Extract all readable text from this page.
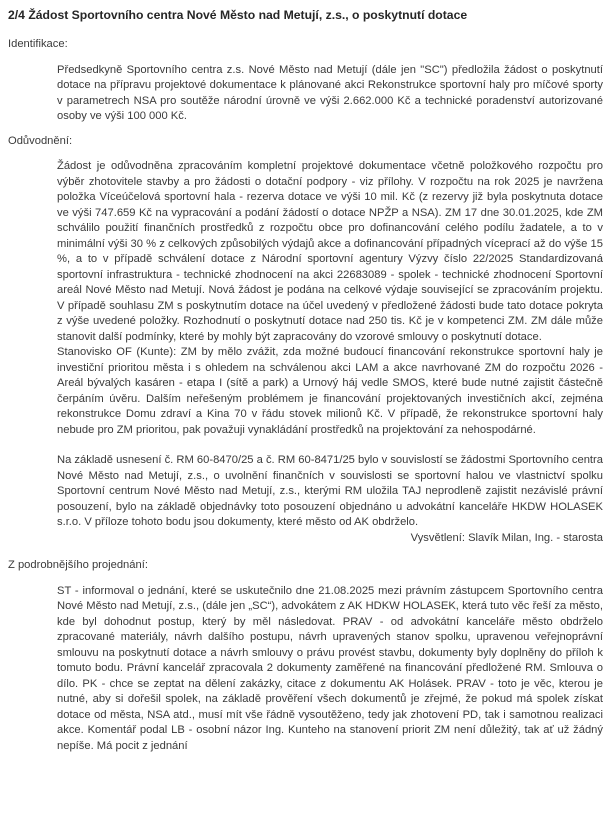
2/4 Žádost Sportovního centra Nové Město nad Metují, z.s., o poskytnutí dotace
Identifikace:

Předsedkyně Sportovního centra z.s. Nové Město nad Metují (dále jen "SC") předložila žádost o poskytnutí dotace na přípravu projektové dokumentace k plánované akci Rekonstrukce sportovní haly pro míčové sporty v parametrech NSA pro soutěže národní úrovně ve výši 2.662.000 Kč a technické poradenství autorizované osoby ve výši 100 000 Kč.

Odůvodnění:

Žádost je odůvodněna zpracováním kompletní projektové dokumentace včetně položkového rozpočtu pro výběr zhotovitele stavby a pro žádosti o dotační podpory - viz přílohy. V rozpočtu na rok 2025 je navržena položka Víceúčelová sportovní hala - rezerva dotace ve výši 10 mil. Kč (z rezervy již byla poskytnuta dotace ve výši 747.659 Kč na vypracování a podání žádostí o dotace NPŽP a NSA). ZM 17 dne 30.01.2025, kde ZM schválilo použití finančních prostředků z rozpočtu obce pro dofinancování celého podílu žadatele, a to v minimální výši 30 % z celkových způsobilých výdajů akce a dofinancování případných víceprací až do výše 15 %, a to v případě schválení dotace z Národní sportovní agentury Výzvy číslo 22/2025 Standardizovaná sportovní infrastruktura - technické zhodnocení na akci 22683089 - spolek - technické zhodnocení Sportovní areál Nové Město nad Metují. Nová žádost je podána na celkové výdaje související se zpracováním projektu. V případě souhlasu ZM s poskytnutím dotace na účel uvedený v předložené žádosti bude tato dotace pokryta z výše uvedené položky. Rozhodnutí o poskytnutí dotace nad 250 tis. Kč je v kompetenci ZM. ZM dále může stanovit další podmínky, které by mohly být zapracovány do vzorové smlouvy o poskytnutí dotace.

Stanovisko OF (Kunte): ZM by mělo zvážit, zda možné budoucí financování rekonstrukce sportovní haly je investiční prioritou města i s ohledem na schválenou akci LAM a akce navrhované ZM do rozpočtu 2026 - Areál bývalých kasáren - etapa I (sítě a park) a Urnový háj vedle SMOS, které bude nutné zajistit částečně čerpáním úvěru. Dalším neřešeným problémem je financování projektovaných investičních akcí, zejména rekonstrukce Domu zdraví a Kina 70 v řádu stovek milionů Kč. V případě, že rekonstrukce sportovní haly nebude pro ZM prioritou, pak považuji vynakládání prostředků na projektování za nehospodárné.

Na základě usnesení č. RM 60-8470/25 a č. RM 60-8471/25 bylo v souvislostí se žádostmi Sportovního centra Nové Město nad Metují, z.s., o uvolnění finančních v souvislosti se sportovní halou ve vlastnictví spolku Sportovní centrum Nové Město nad Metují, z.s., kterými RM uložila TAJ neprodleně zajistit nezávislé právní posouzení, bylo na základě objednávky toto posouzení objednáno u advokátní kanceláře HKDW HOLASEK s.r.o. V příloze tohoto bodu jsou dokumenty, které město od AK obdrželo.

Vysvětlení: Slavík Milan, Ing. - starosta
Z podrobnějšího projednání:

ST - informoval o jednání, které se uskutečnilo dne 21.08.2025 mezi právním zástupcem Sportovního centra Nové Město nad Metují, z.s., (dále jen „SC“), advokátem z AK HDKW HOLASEK, která tuto věc řeší za město, kde byl dohodnut postup, který by měl následovat. PRAV - od advokátní kanceláře město obdrželo zpracované materiály, návrh dalšího postupu, návrh upravených stanov spolku, upravenou veřejnoprávní smlouvu na poskytnutí dotace a návrh smlouvy o právu provést stavbu, dokumenty byly doplněny do příloh k tomuto bodu. Právní kancelář zpracovala 2 dokumenty zaměřené na financování předložené RM. Smlouva o dílo. PK - chce se zeptat na dělení zakázky, citace z dokumentu AK Holásek. PRAV - toto je věc, kterou je nutné, aby si dořešil spolek, na základě prověření všech dokumentů je zřejmé, že pokud má spolek získat dotace od města, NSA atd., musí mít vše řádně vysoutěženo, tedy jak zhotovení PD, tak i samotnou realizaci akce. Komentář podal LB - osobní názor Ing. Kunteho na stanovení priorit ZM není důležitý, tak ať už žádný nepíše. Má pocit z jednání
